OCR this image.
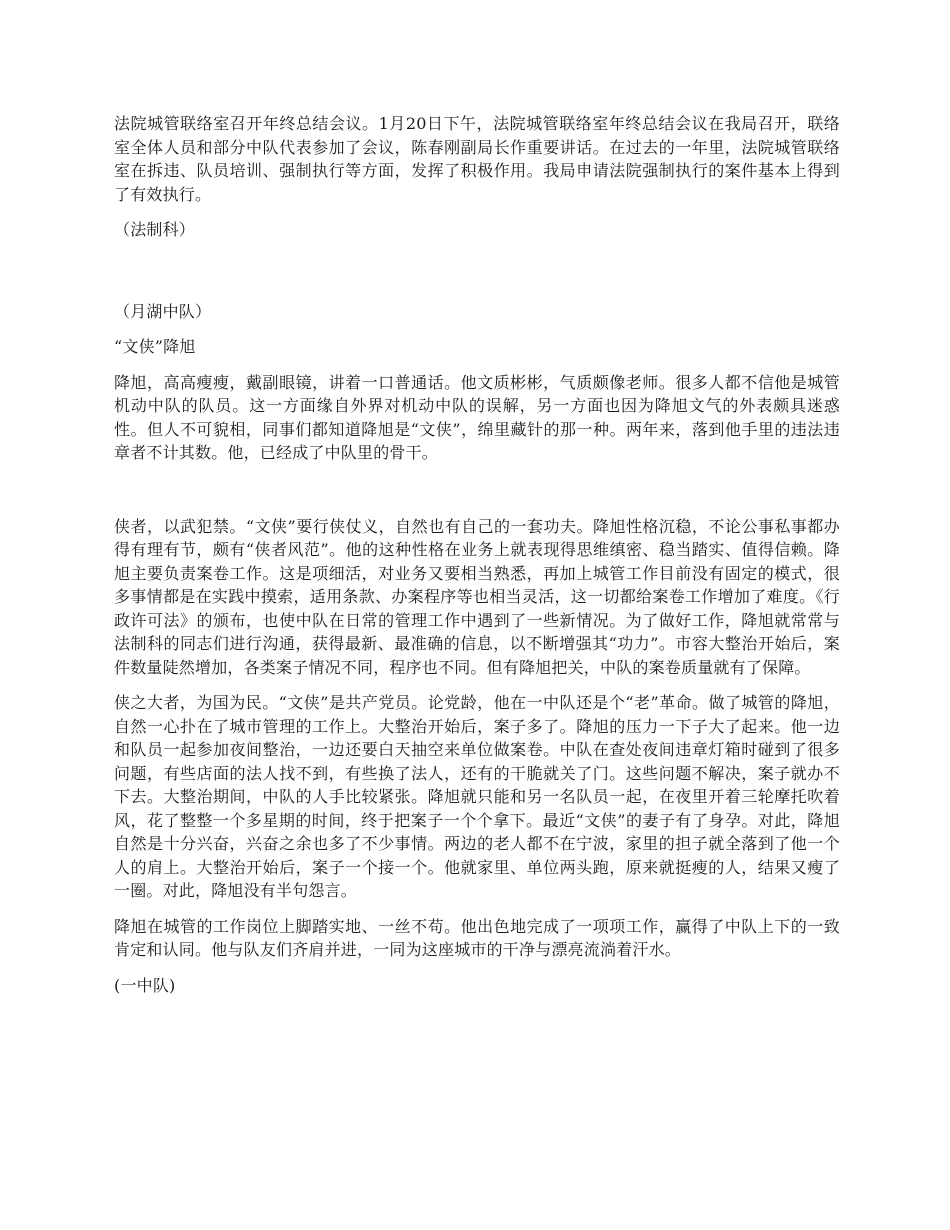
法院城管联络室召开年终总结会议。1月20日下午，法院城管联络室年终总结会议在我局召开，联络室全体人员和部分中队代表参加了会议，陈春刚副局长作重要讲话。在过去的一年里，法院城管联络室在拆违、队员培训、强制执行等方面，发挥了积极作用。我局申请法院强制执行的案件基本上得到了有效执行。

（法制科）

（月湖中队）

“文侠”降旭

降旭，高高瘦瘦，戴副眼镜，讲着一口普通话。他文质彬彬，气质颇像老师。很多人都不信他是城管机动中队的队员。这一方面缘自外界对机动中队的误解，另一方面也因为降旭文气的外表颇具迷惑性。但人不可貌相，同事们都知道降旭是“文侠”，绵里藏针的那一种。两年来，落到他手里的违法违章者不计其数。他，已经成了中队里的骨干。

侠者，以武犯禁。“文侠”要行侠仗义，自然也有自己的一套功夫。降旭性格沉稳，不论公事私事都办得有理有节，颇有“侠者风范”。他的这种性格在业务上就表现得思维缜密、稳当踏实、值得信赖。降旭主要负责案卷工作。这是项细活，对业务又要相当熟悉，再加上城管工作目前没有固定的模式，很多事情都是在实践中摸索，适用条款、办案程序等也相当灵活，这一切都给案卷工作增加了难度。《行政许可法》的颁布，也使中队在日常的管理工作中遇到了一些新情况。为了做好工作，降旭就常常与法制科的同志们进行沟通，获得最新、最准确的信息，以不断增强其“功力”。市容大整治开始后，案件数量陡然增加，各类案子情况不同，程序也不同。但有降旭把关，中队的案卷质量就有了保障。

侠之大者，为国为民。“文侠”是共产党员。论党龄，他在一中队还是个“老”革命。做了城管的降旭，自然一心扑在了城市管理的工作上。大整治开始后，案子多了。降旭的压力一下子大了起来。他一边和队员一起参加夜间整治，一边还要白天抽空来单位做案卷。中队在查处夜间违章灯箱时碰到了很多问题，有些店面的法人找不到，有些换了法人，还有的干脆就关了门。这些问题不解决，案子就办不下去。大整治期间，中队的人手比较紧张。降旭就只能和另一名队员一起，在夜里开着三轮摩托吹着风，花了整整一个多星期的时间，终于把案子一个个拿下。最近“文侠”的妻子有了身孕。对此，降旭自然是十分兴奋，兴奋之余也多了不少事情。两边的老人都不在宁波，家里的担子就全落到了他一个人的肩上。大整治开始后，案子一个接一个。他就家里、单位两头跑，原来就挺瘦的人，结果又瘦了一圈。对此，降旭没有半句怨言。

降旭在城管的工作岗位上脚踏实地、一丝不苟。他出色地完成了一项项工作，赢得了中队上下的一致肯定和认同。他与队友们齐肩并进，一同为这座城市的干净与漂亮流淌着汗水。

(一中队)
